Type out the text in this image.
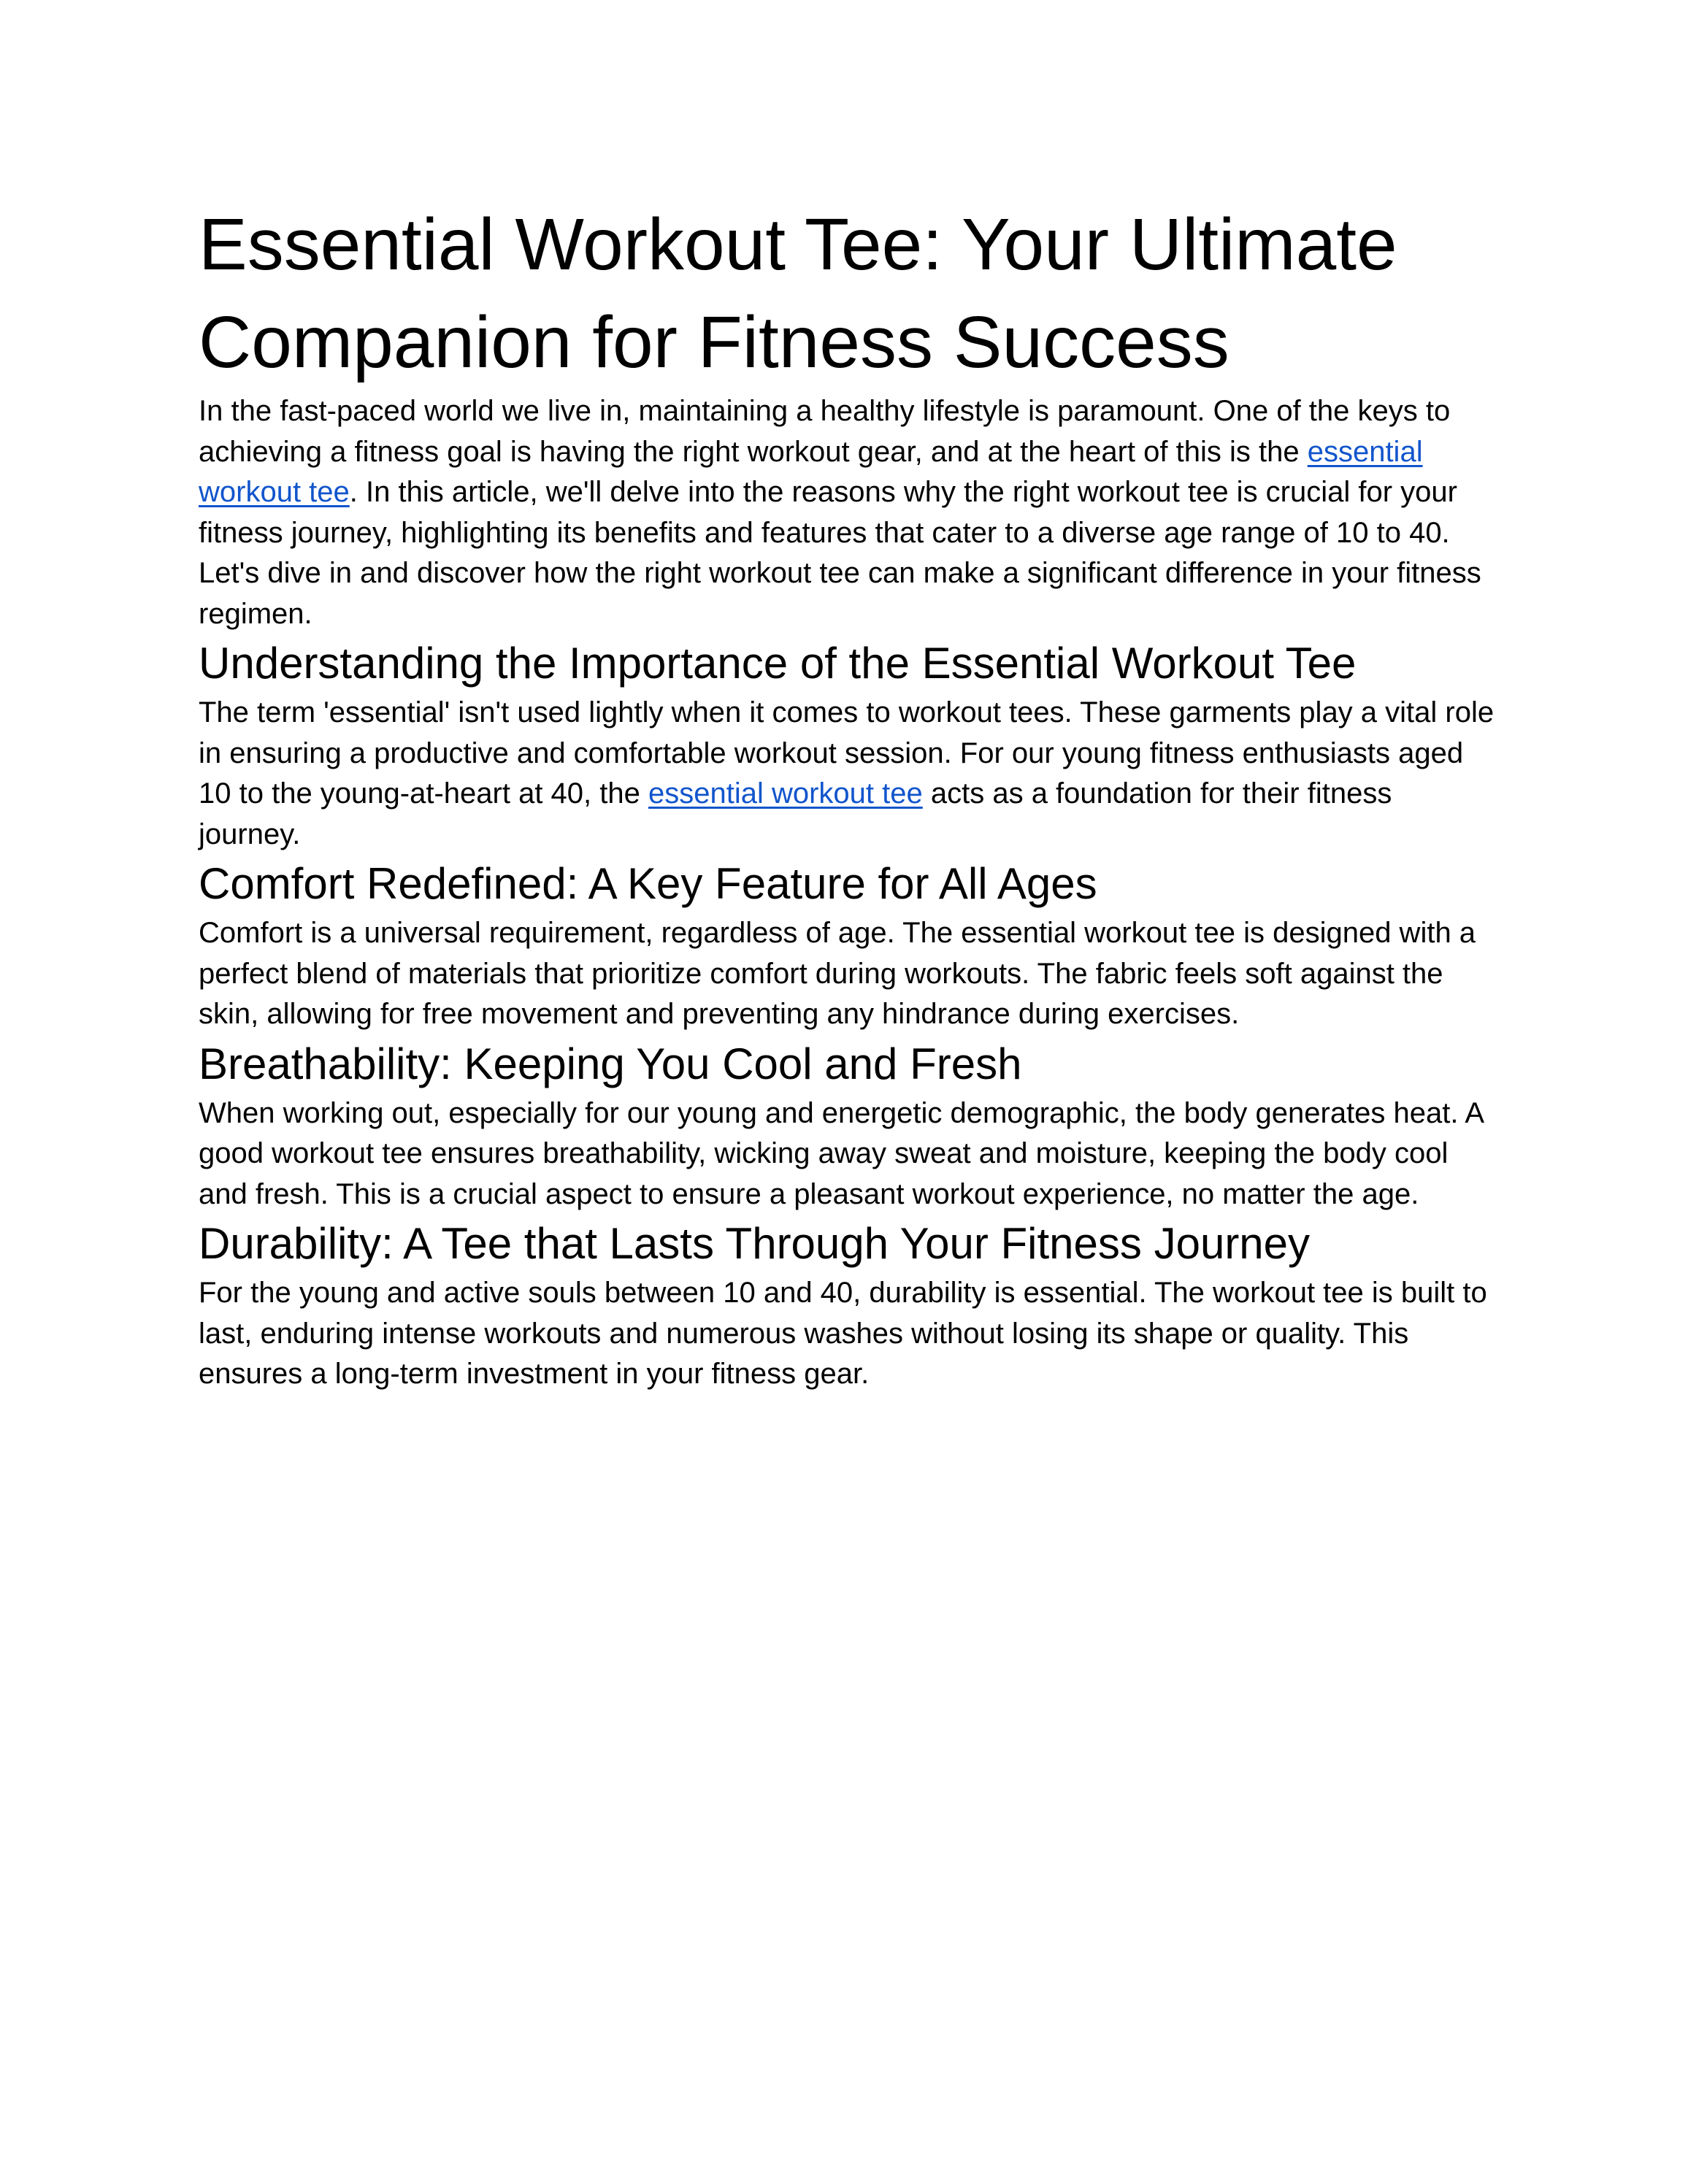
Essential Workout Tee: Your Ultimate Companion for Fitness Success

In the fast-paced world we live in, maintaining a healthy lifestyle is paramount. One of the keys to achieving a fitness goal is having the right workout gear, and at the heart of this is the essential workout tee. In this article, we'll delve into the reasons why the right workout tee is crucial for your fitness journey, highlighting its benefits and features that cater to a diverse age range of 10 to 40. Let's dive in and discover how the right workout tee can make a significant difference in your fitness regimen.

Understanding the Importance of the Essential Workout Tee

The term 'essential' isn't used lightly when it comes to workout tees. These garments play a vital role in ensuring a productive and comfortable workout session. For our young fitness enthusiasts aged 10 to the young-at-heart at 40, the essential workout tee acts as a foundation for their fitness journey.

Comfort Redefined: A Key Feature for All Ages

Comfort is a universal requirement, regardless of age. The essential workout tee is designed with a perfect blend of materials that prioritize comfort during workouts. The fabric feels soft against the skin, allowing for free movement and preventing any hindrance during exercises.

Breathability: Keeping You Cool and Fresh

When working out, especially for our young and energetic demographic, the body generates heat. A good workout tee ensures breathability, wicking away sweat and moisture, keeping the body cool and fresh. This is a crucial aspect to ensure a pleasant workout experience, no matter the age.

Durability: A Tee that Lasts Through Your Fitness Journey

For the young and active souls between 10 and 40, durability is essential. The workout tee is built to last, enduring intense workouts and numerous washes without losing its shape or quality. This ensures a long-term investment in your fitness gear.
